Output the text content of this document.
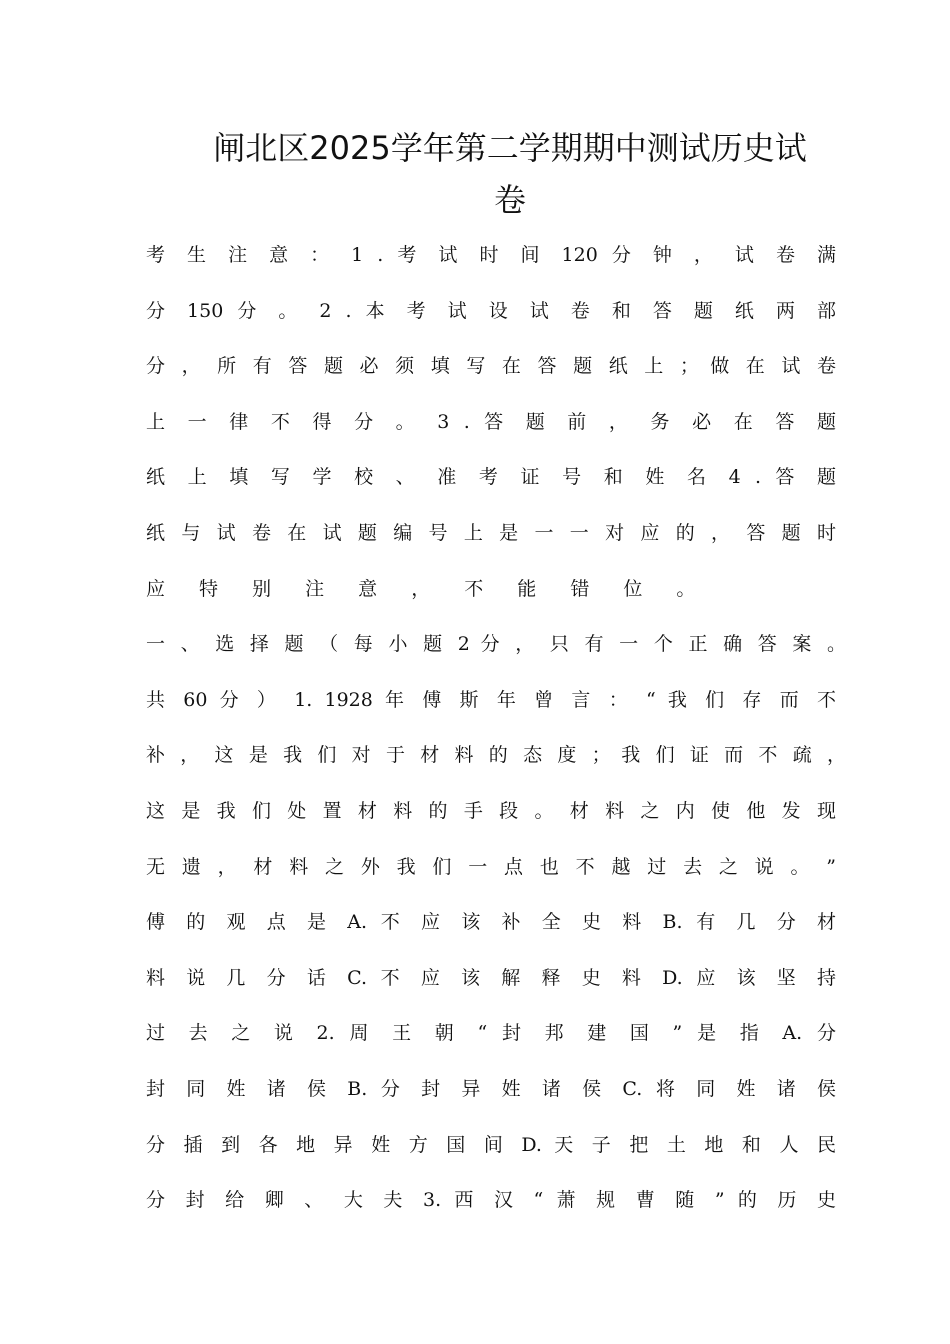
闸北区2025学年第二学期期中测试历史试
卷
考 生 注 意 ： 1 . 考 试 时 间 120 分 钟 ， 试 卷 满
分 150 分 。 2 . 本 考 试 设 试 卷 和 答 题 纸 两 部
分 ， 所 有 答 题 必 须 填 写 在 答 题 纸 上 ； 做 在 试 卷
上 一 律 不 得 分 。 3 . 答 题 前 ， 务 必 在 答 题
纸 上 填 写 学 校 、 准 考 证 号 和 姓 名 4 . 答 题
纸 与 试 卷 在 试 题 编 号 上 是 一 一 对 应 的 ， 答 题 时
应 特 别 注 意 ， 不 能 错 位 。
一 、 选 择 题 （ 每 小 题 2 分 ， 只 有 一 个 正 确 答 案 。
共 60 分 ） 1. 1928 年 傅 斯 年 曾 言 ： “ 我 们 存 而 不
补 ， 这 是 我 们 对 于 材 料 的 态 度 ； 我 们 证 而 不 疏 ，
这 是 我 们 处 置 材 料 的 手 段 。 材 料 之 内 使 他 发 现
无 遗 ， 材 料 之 外 我 们 一 点 也 不 越 过 去 之 说 。 ”
傅 的 观 点 是 A. 不 应 该 补 全 史 料 B. 有 几 分 材
料 说 几 分 话 C. 不 应 该 解 释 史 料 D. 应 该 坚 持
过 去 之 说 2. 周 王 朝 “ 封 邦 建 国 ” 是 指 A. 分
封 同 姓 诸 侯 B. 分 封 异 姓 诸 侯 C. 将 同 姓 诸 侯
分 插 到 各 地 异 姓 方 国 间 D. 天 子 把 土 地 和 人 民
分 封 给 卿 、 大 夫 3. 西 汉 “ 萧 规 曹 随 ” 的 历 史
